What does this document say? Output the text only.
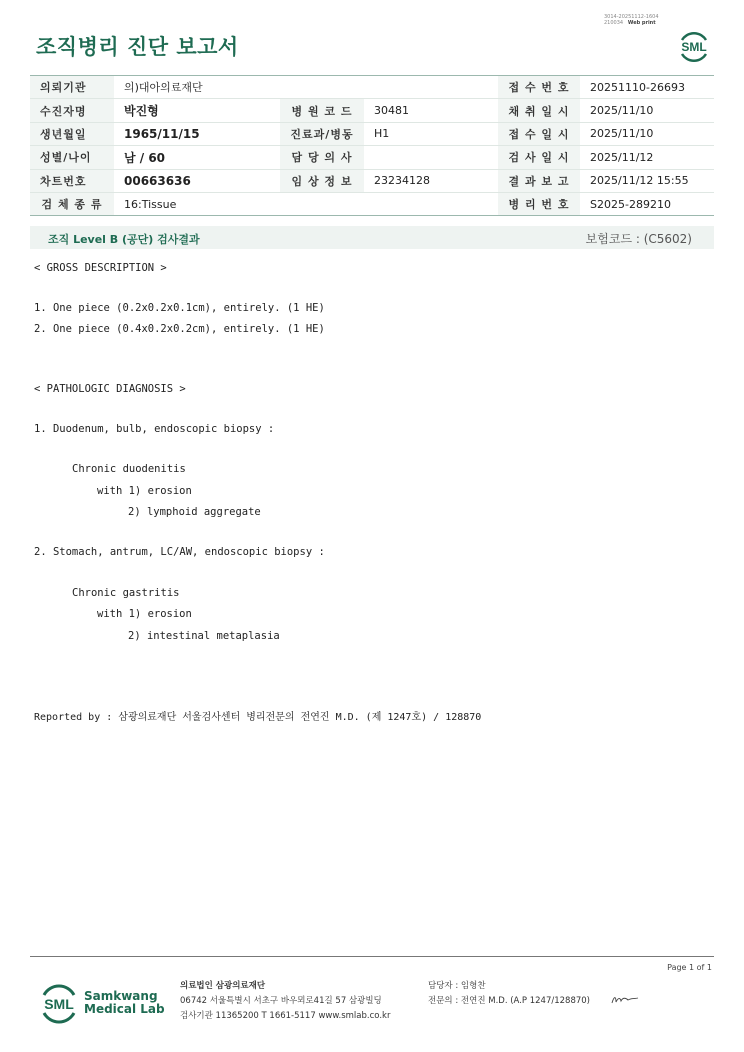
조직병리 진단 보고서
3014-20251112-1604
210034 Web print
SML
의뢰기관	의)대아의료재단			접 수 번 호	20251110-26693
수진자명	박진형	병 원 코 드	30481	채 취 일 시	2025/11/10
생년월일	1965/11/15	진료과/병동	H1	접 수 일 시	2025/11/10
성별/나이	남 / 60	담 당 의 사		검 사 일 시	2025/11/12
차트번호	00663636	임 상 정 보	23234128	결 과 보 고	2025/11/12 15:55
검 체 종 류	16:Tissue			병 리 번 호	S2025-289210
조직 Level B (공단) 검사결과	보험코드 : (C5602)
< GROSS DESCRIPTION >
1. One piece (0.2x0.2x0.1cm), entirely. (1 HE)
2. One piece (0.4x0.2x0.2cm), entirely. (1 HE)
< PATHOLOGIC DIAGNOSIS >
1. Duodenum, bulb, endoscopic biopsy :
Chronic duodenitis
with 1) erosion
2) lymphoid aggregate
2. Stomach, antrum, LC/AW, endoscopic biopsy :
Chronic gastritis
with 1) erosion
2) intestinal metaplasia
Reported by : 삼광의료재단 서울검사센터 병리전문의 전연진 M.D. (제 1247호) / 128870
Page 1 of 1
SML Samkwang
Medical Lab
의료법인 삼광의료재단
06742 서울특별시 서초구 바우뫼로41길 57 삼광빌딩
검사기관 11365200 T 1661-5117 www.smlab.co.kr
담당자 : 임형찬
전문의 : 전연진 M.D. (A.P 1247/128870)
